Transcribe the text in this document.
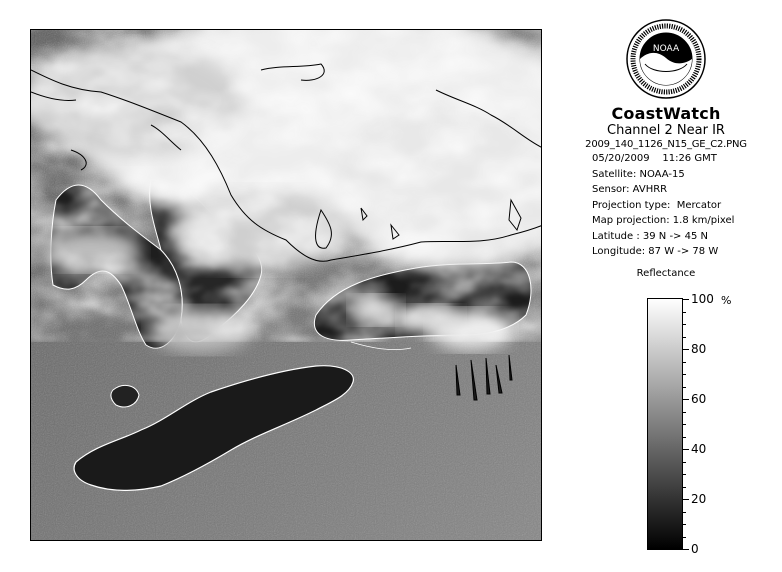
NOAA
CoastWatch
Channel 2 Near IR
2009_140_1126_N15_GE_C2.PNG
05/20/2009    11:26 GMT
Satellite: NOAA-15
Sensor: AVHRR
Projection type:  Mercator
Map projection: 1.8 km/pixel
Latitude : 39 N -> 45 N
Longitude: 87 W -> 78 W
Reflectance
%
100
80
60
40
20
0
